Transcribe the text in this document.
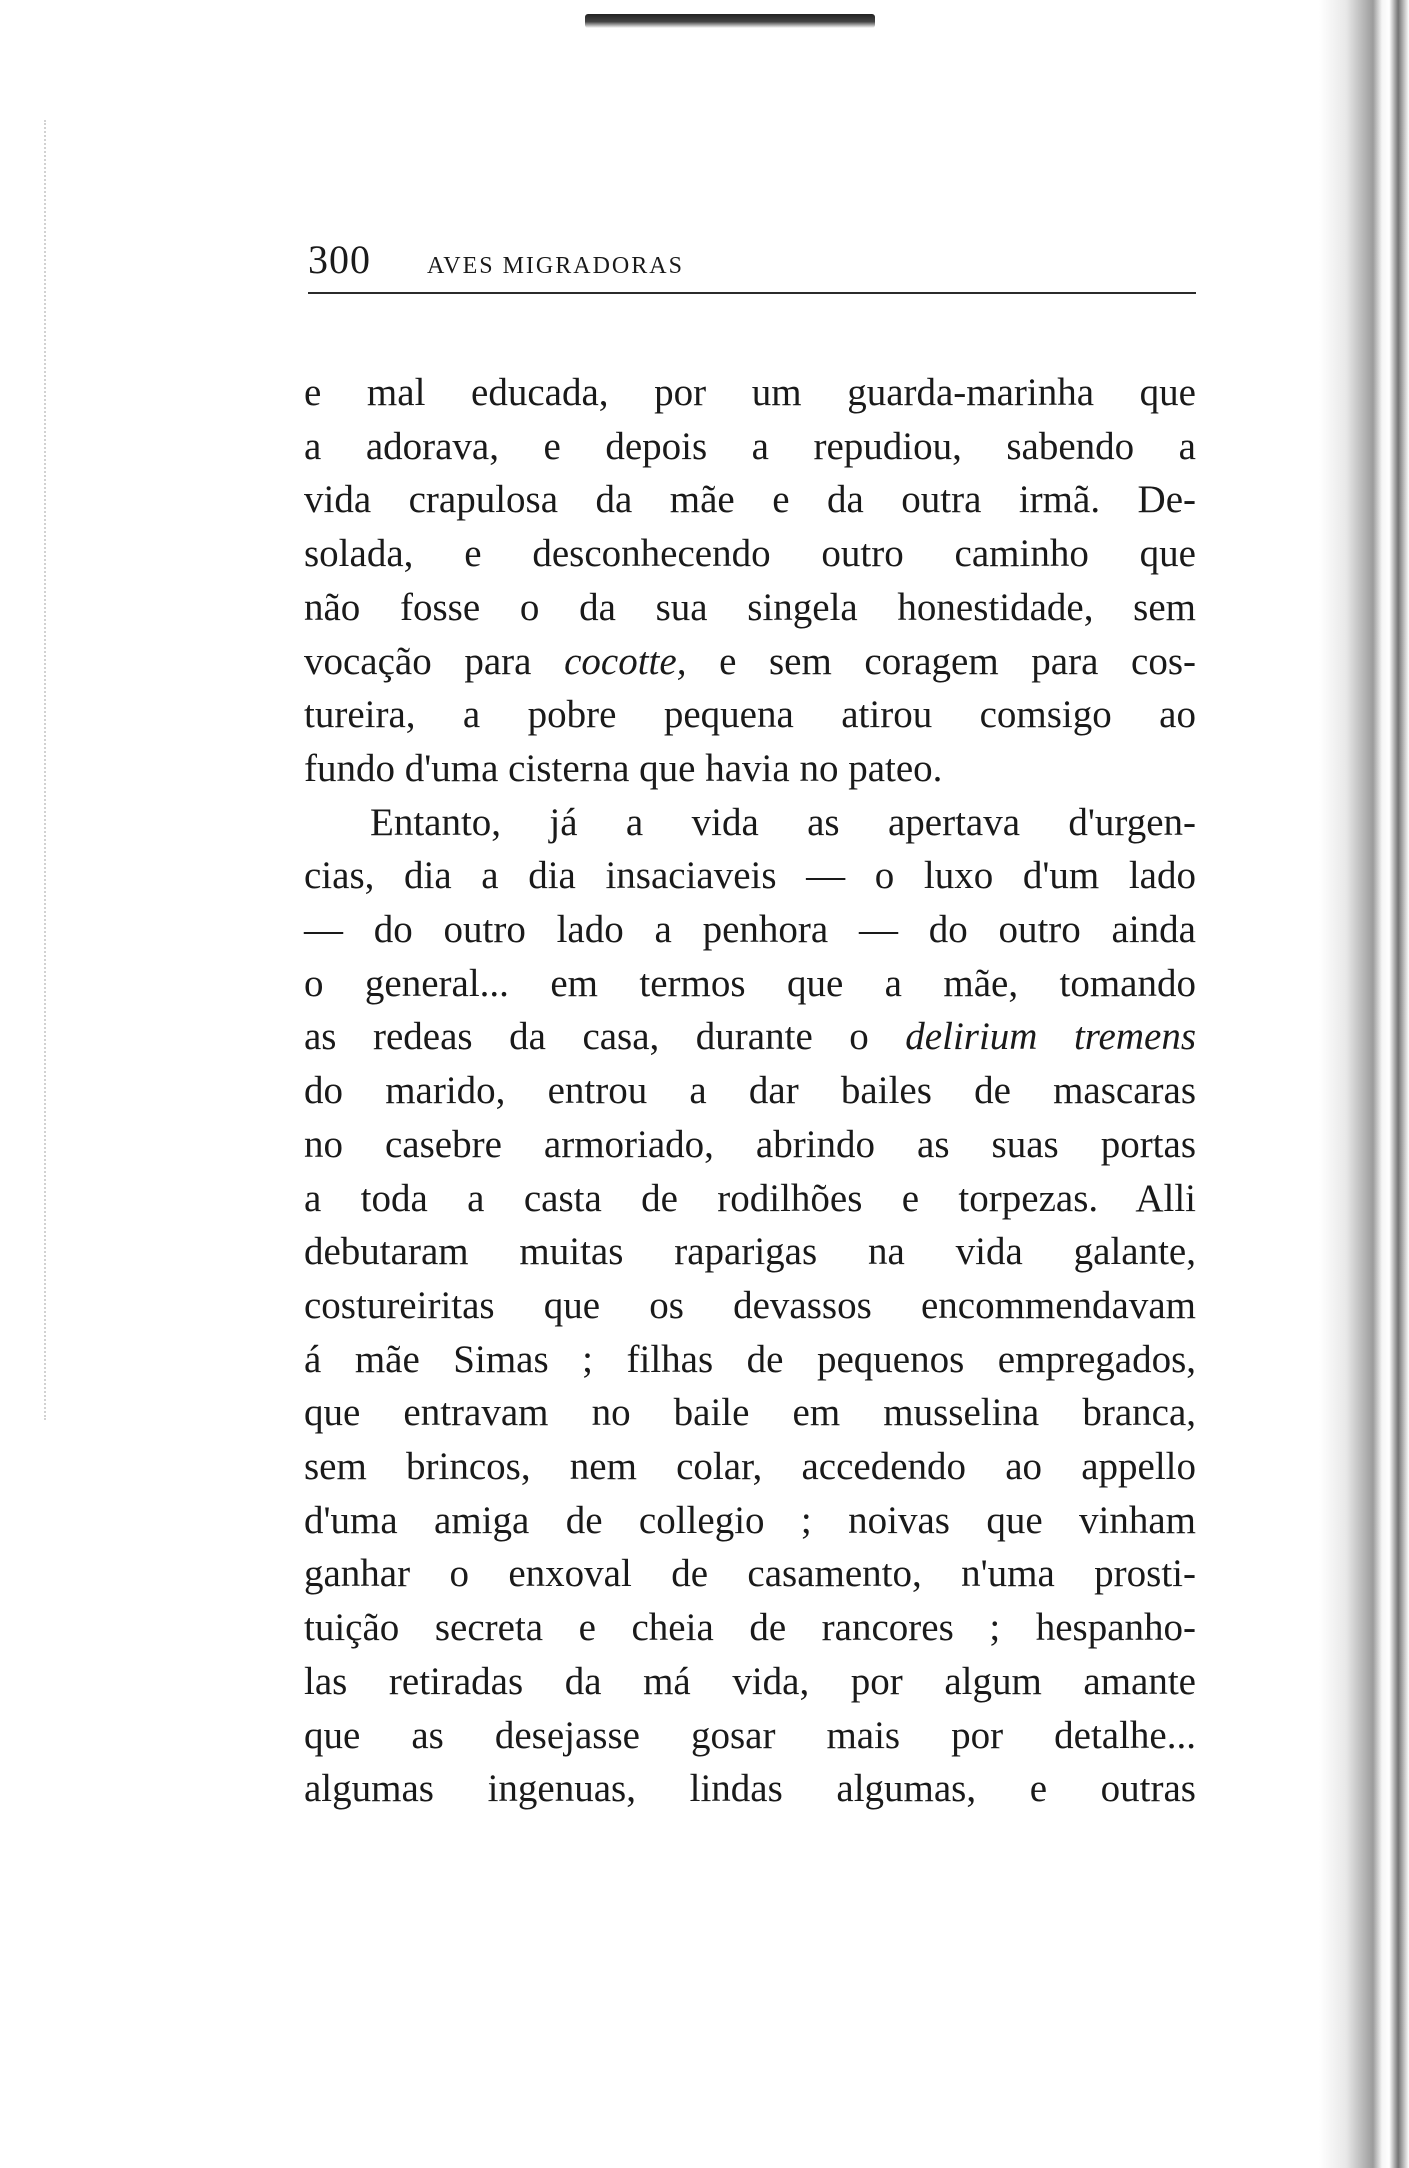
300 AVES MIGRADORAS
e mal educada, por um guarda-marinha que
a adorava, e depois a repudiou, sabendo a
vida crapulosa da mãe e da outra irmã. De-
solada, e desconhecendo outro caminho que
não fosse o da sua singela honestidade, sem
vocação para cocotte, e sem coragem para cos-
tureira, a pobre pequena atirou comsigo ao
fundo d'uma cisterna que havia no pateo.
Entanto, já a vida as apertava d'urgen-
cias, dia a dia insaciaveis — o luxo d'um lado
— do outro lado a penhora — do outro ainda
o general... em termos que a mãe, tomando
as redeas da casa, durante o delirium tremens
do marido, entrou a dar bailes de mascaras
no casebre armoriado, abrindo as suas portas
a toda a casta de rodilhões e torpezas. Alli
debutaram muitas raparigas na vida galante,
costureiritas que os devassos encommendavam
á mãe Simas ; filhas de pequenos empregados,
que entravam no baile em musselina branca,
sem brincos, nem colar, accedendo ao appello
d'uma amiga de collegio ; noivas que vinham
ganhar o enxoval de casamento, n'uma prosti-
tuição secreta e cheia de rancores ; hespanho-
las retiradas da má vida, por algum amante
que as desejasse gosar mais por detalhe...
algumas ingenuas, lindas algumas, e outras
